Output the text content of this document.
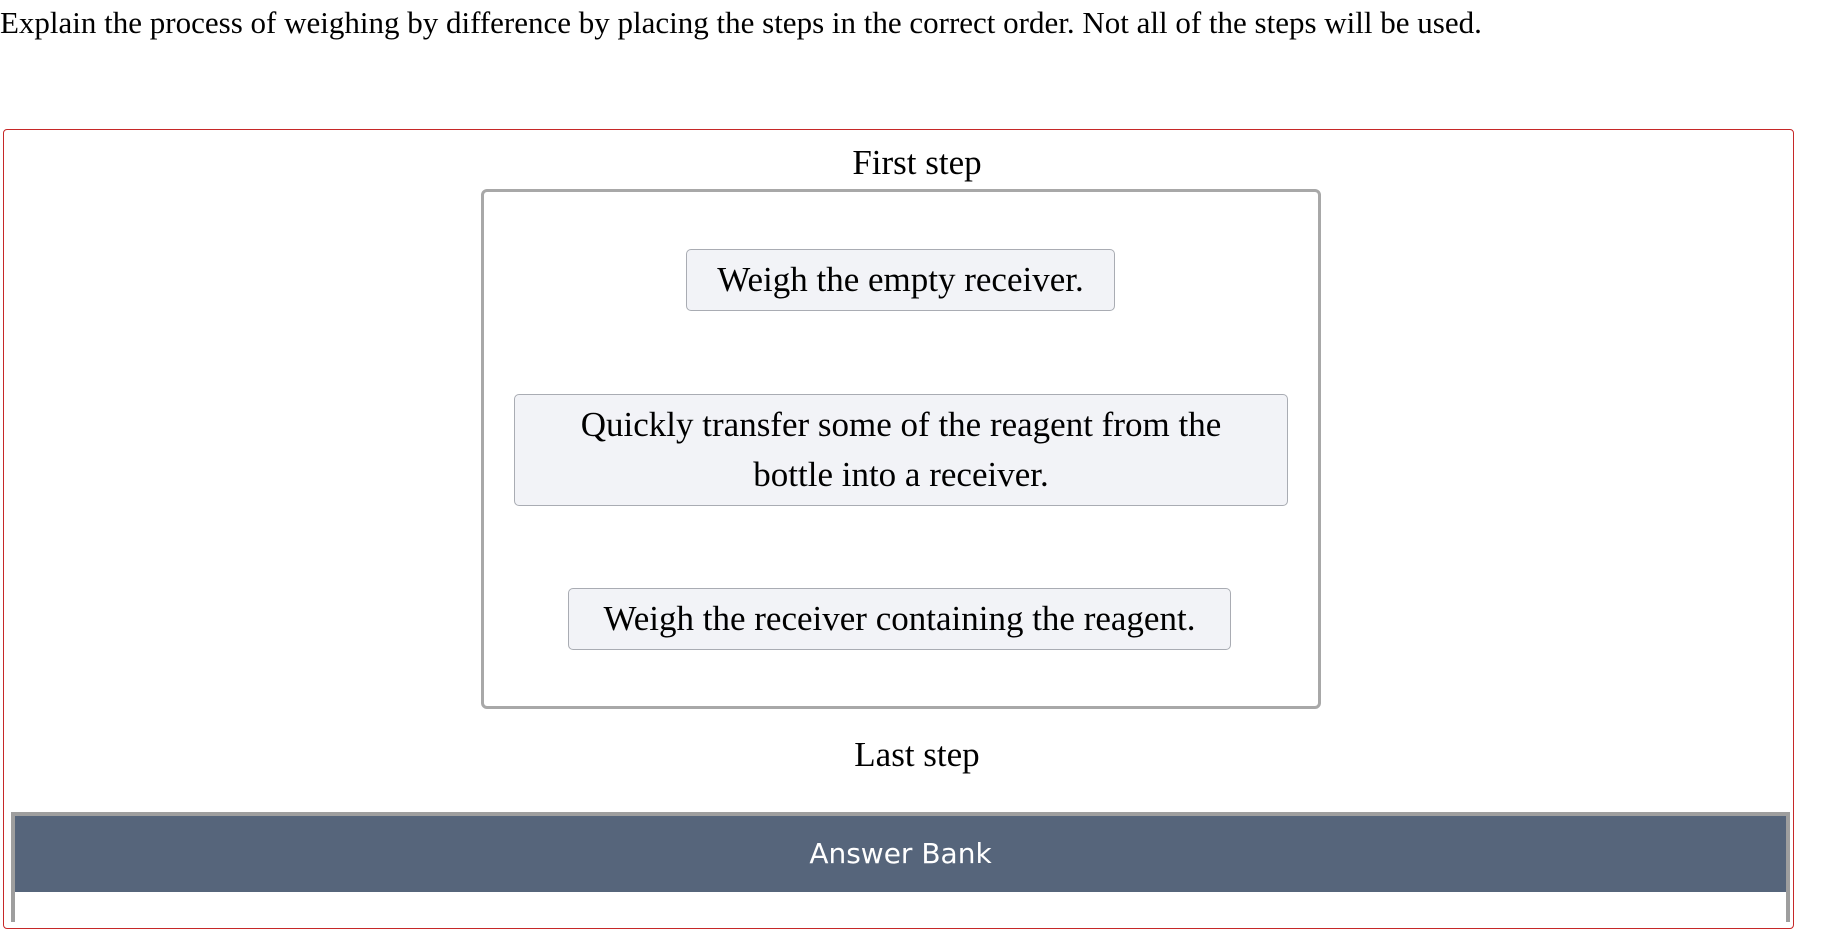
Explain the process of weighing by difference by placing the steps in the correct order. Not all of the steps will be used.
First step
Weigh the empty receiver.
Quickly transfer some of the reagent from the bottle into a receiver.
Weigh the receiver containing the reagent.
Last step
Answer Bank
